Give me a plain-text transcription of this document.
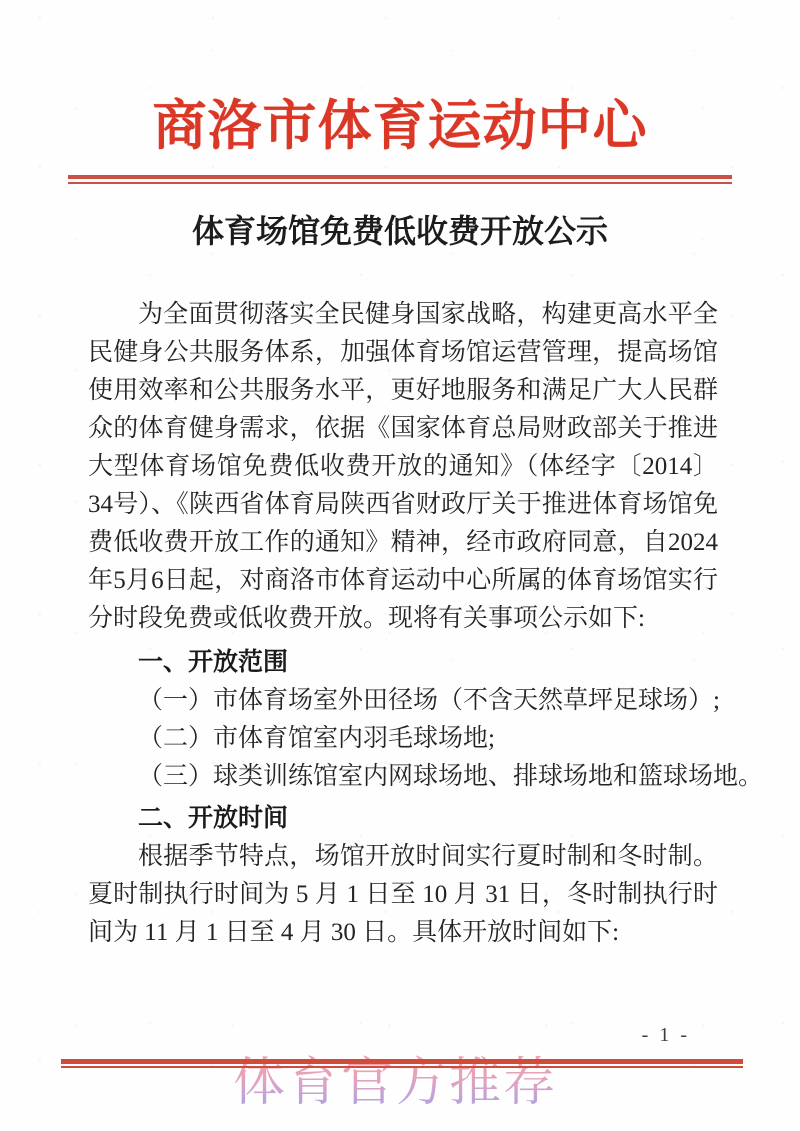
商洛市体育运动中心
体育场馆免费低收费开放公示

为全面贯彻落实全民健身国家战略，构建更高水平全民健身公共服务体系，加强体育场馆运营管理，提高场馆使用效率和公共服务水平，更好地服务和满足广大人民群众的体育健身需求，依据《国家体育总局财政部关于推进大型体育场馆免费低收费开放的通知》（体经字〔2014〕34号）、《陕西省体育局陕西省财政厅关于推进体育场馆免费低收费开放工作的通知》精神，经市政府同意，自2024年5月6日起，对商洛市体育运动中心所属的体育场馆实行分时段免费或低收费开放。现将有关事项公示如下:

一、开放范围

（一）市体育场室外田径场（不含天然草坪足球场）;

（二）市体育馆室内羽毛球场地;

（三）球类训练馆室内网球场地、排球场地和篮球场地。

二、开放时间

根据季节特点，场馆开放时间实行夏时制和冬时制。夏时制执行时间为 5 月 1 日至 10 月 31 日，冬时制执行时间为 11 月 1 日至 4 月 30 日。具体开放时间如下:

- 1 -
体育官方推荐
